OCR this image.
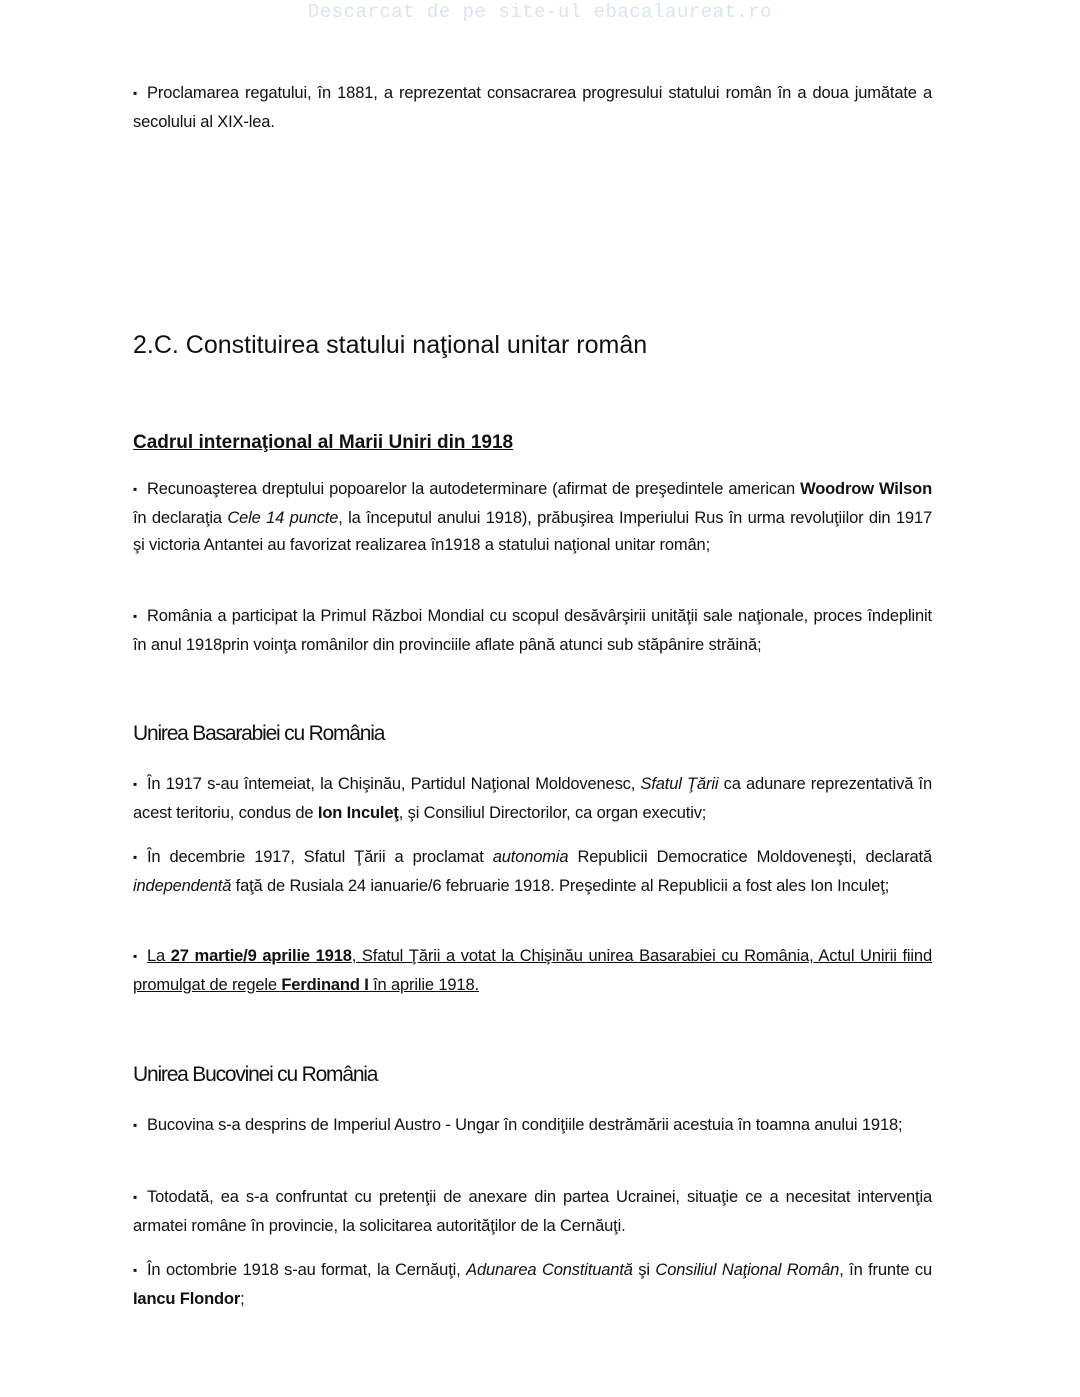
Descarcat de pe site-ul ebacalaureat.ro

▪ Proclamarea regatului, în 1881, a reprezentat consacrarea progresului statului român în a doua jumătate a secolului al XIX-lea.

2.C. Constituirea statului naţional unitar român
Cadrul internaţional al Marii Uniri din 1918

▪ Recunoaşterea dreptului popoarelor la autodeterminare (afirmat de preşedintele american Woodrow Wilson în declaraţia Cele 14 puncte, la începutul anului 1918), prăbuşirea Imperiului Rus în urma revoluţiilor din 1917 şi victoria Antantei au favorizat realizarea în1918 a statului naţional unitar român;

▪ România a participat la Primul Război Mondial cu scopul desăvârşirii unităţii sale naţionale, proces îndeplinit în anul 1918prin voinţa românilor din provinciile aflate până atunci sub stăpânire străină;

Unirea Basarabiei cu România

▪ În 1917 s-au întemeiat, la Chişinău, Partidul Naţional Moldovenesc, Sfatul Ţării ca adunare reprezentativă în acest teritoriu, condus de Ion Inculeţ, şi Consiliul Directorilor, ca organ executiv;

▪ În decembrie 1917, Sfatul Ţării a proclamat autonomia Republicii Democratice Moldoveneşti, declarată independentă faţă de Rusiala 24 ianuarie/6 februarie 1918. Preşedinte al Republicii a fost ales Ion Inculeţ;

▪ La 27 martie/9 aprilie 1918, Sfatul Ţării a votat la Chişinău unirea Basarabiei cu România, Actul Unirii fiind promulgat de regele Ferdinand I în aprilie 1918.

Unirea Bucovinei cu România

▪ Bucovina s-a desprins de Imperiul Austro - Ungar în condiţiile destrămării acestuia în toamna anului 1918;

▪ Totodată, ea s-a confruntat cu pretenţii de anexare din partea Ucrainei, situaţie ce a necesitat intervenţia armatei române în provincie, la solicitarea autorităţilor de la Cernăuţi.

▪ În octombrie 1918 s-au format, la Cernăuţi, Adunarea Constituantă şi Consiliul Naţional Român, în frunte cu Iancu Flondor;
